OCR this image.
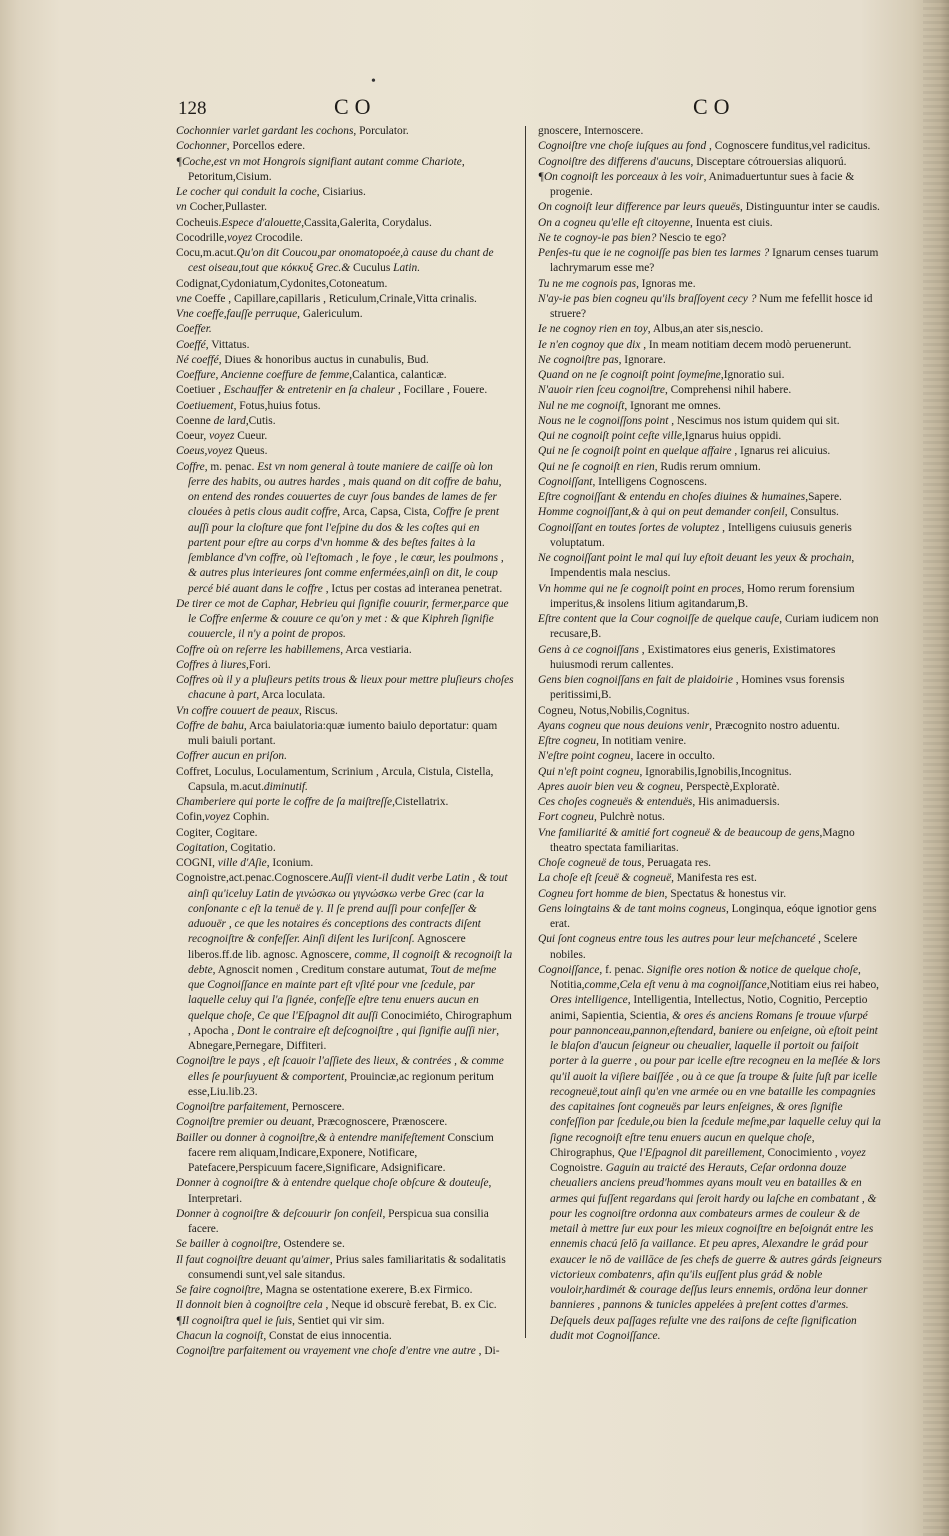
•
128	CO	CO

Cochonnier varlet gardant les cochons, Porculator.

Cochonner, Porcellos edere.

¶Coche,est vn mot Hongrois signifiant autant comme Chariote, Petoritum,Cisium.

Le cocher qui conduit la coche, Cisiarius.

vn Cocher,Pullaster.

Cocheuis.Espece d'alouette,Cassita,Galerita, Corydalus.

Cocodrille,voyez Crocodile.

Cocu,m.acut.Qu'on dit Coucou,par onomatopoée,à cause du chant de cest oiseau,tout que κόκκυξ Grec.& Cuculus Latin.

Codignat,Cydoniatum,Cydonites,Cotoneatum.

vne Coeffe , Capillare,capillaris , Reticulum,Crinale,Vitta crinalis.

Vne coeffe,fauſſe perruque, Galericulum.

Coeffer.

Coeffé, Vittatus.

Né coeffé, Diues & honoribus auctus in cunabulis, Bud.

Coeffure, Ancienne coeffure de femme,Calantica, calanticæ.

Coetiuer , Eschauffer & entretenir en ſa chaleur , Focillare , Fouere.

Coetiuement, Fotus,huius fotus.

Coenne de lard,Cutis.

Coeur, voyez Cueur.

Coeus,voyez Queus.

Coffre, m. penac. Est vn nom general à toute maniere de caiſſe où lon ſerre des habits, ou autres hardes , mais quand on dit coffre de bahu, on entend des rondes couuertes de cuyr ſous bandes de lames de fer clouées à petis clous audit coffre, Arca, Capsa, Cista, Coffre ſe prent auſſi pour la cloſture que font l'eſpine du dos & les coſtes qui en partent pour eſtre au corps d'vn homme & des beſtes faites à la ſemblance d'vn coffre, où l'eſtomach , le foye , le cœur, les poulmons , & autres plus interieures ſont comme enfermées,ainſi on dit, le coup percé bié auant dans le coffre , Ictus per costas ad interanea penetrat.

De tirer ce mot de Caphar, Hebrieu qui ſignifie couurir, fermer,parce que le Coffre enſerme & couure ce qu'on y met : & que Kiphreh ſignifie couuercle, il n'y a point de propos.

Coffre où on reſerre les habillemens, Arca vestiaria.

Coffres à liures,Fori.

Coffres où il y a pluſieurs petits trous & lieux pour mettre pluſieurs choſes chacune à part, Arca loculata.

Vn coffre couuert de peaux, Riscus.

Coffre de bahu, Arca baiulatoria:quæ iumento baiulo deportatur: quam muli baiuli portant.

Coffrer aucun en priſon.

Coffret, Loculus, Loculamentum, Scrinium , Arcula, Cistula, Cistella, Capsula, m.acut.diminutif.

Chamberiere qui porte le coffre de ſa maiſtreſſe,Cistellatrix.

Cofin,voyez Cophin.

Cogiter, Cogitare.

Cogitation, Cogitatio.

COGNI, ville d'Aſie, Iconium.

Cognoistre,act.penac.Cognoscere.Auſſi vient-il dudit verbe Latin , & tout ainſi qu'iceluy Latin de γινώσκω ou γιγνώσκω verbe Grec (car la conſonante c eſt la tenuë de γ. Il ſe prend auſſi pour confeſſer & aduouër , ce que les notaires és conceptions des contracts diſent recognoiſtre & confeſſer. Ainſi diſent les Iuriſconſ. Agnoscere liberos.ff.de lib. agnosc. Agnoscere, comme, Il cognoiſt & recognoiſt la debte, Agnoscit nomen , Creditum constare autumat, Tout de meſme que Cognoiſſance en mainte part eſt vſité pour vne ſcedule, par laquelle celuy qui l'a ſignée, confeſſe eſtre tenu enuers aucun en quelque choſe, Ce que l'Eſpagnol dit auſſi Conocimiéto, Chirographum , Apocha , Dont le contraire eſt deſcognoiſtre , qui ſignifie auſſi nier, Abnegare,Pernegare, Diffiteri.

Cognoiſtre le pays , eſt ſcauoir l'aſſiete des lieux, & contrées , & comme elles ſe pourſuyuent & comportent, Prouinciæ,ac regionum peritum esse,Liu.lib.23.

Cognoiſtre parfaitement, Pernoscere.

Cognoiſtre premier ou deuant, Præcognoscere, Prænoscere.

Bailler ou donner à cognoiſtre,& à entendre manifeſtement Conscium facere rem aliquam,Indicare,Exponere, Notificare, Patefacere,Perspicuum facere,Significare, Adsignificare.

Donner à cognoiſtre & à entendre quelque choſe obſcure & douteuſe, Interpretari.

Donner à cognoiſtre & deſcouurir ſon conſeil, Perspicua sua consilia facere.

Se bailler à cognoiſtre, Ostendere se.

Il faut cognoiſtre deuant qu'aimer, Prius sales familiaritatis & sodalitatis consumendi sunt,vel sale sitandus.

Se faire cognoiſtre, Magna se ostentatione exerere, B.ex Firmico.

Il donnoit bien à cognoiſtre cela , Neque id obscurè ferebat, B. ex Cic.

¶Il cognoiſtra quel ie ſuis, Sentiet qui vir sim.

Chacun la cognoiſt, Constat de eius innocentia.

Cognoiſtre parfaitement ou vrayement vne choſe d'entre vne autre , Di-

gnoscere, Internoscere.

Cognoiſtre vne choſe iuſques au fond , Cognoscere funditus,vel radicitus.

Cognoiſtre des differens d'aucuns, Disceptare cótrouersias aliquorú.

¶On cognoiſt les porceaux à les voir, Animaduertuntur sues à facie & progenie.

On cognoiſt leur difference par leurs queuës, Distinguuntur inter se caudis.

On a cogneu qu'elle eſt citoyenne, Inuenta est ciuis.

Ne te cognoy-ie pas bien? Nescio te ego?

Penſes-tu que ie ne cognoiſſe pas bien tes larmes ? Ignarum censes tuarum lachrymarum esse me?

Tu ne me cognois pas, Ignoras me.

N'ay-ie pas bien cogneu qu'ils braſſoyent cecy ? Num me fefellit hosce id struere?

Ie ne cognoy rien en toy, Albus,an ater sis,nescio.

Ie n'en cognoy que dix , In meam notitiam decem modò peruenerunt.

Ne cognoiſtre pas, Ignorare.

Quand on ne ſe cognoiſt point ſoymeſme,Ignoratio sui.

N'auoir rien ſceu cognoiſtre, Comprehensi nihil habere.

Nul ne me cognoiſt, Ignorant me omnes.

Nous ne le cognoiſſons point , Nescimus nos istum quidem qui sit.

Qui ne cognoiſt point ceſte ville,Ignarus huius oppidi.

Qui ne ſe cognoiſt point en quelque affaire , Ignarus rei alicuius.

Qui ne ſe cognoiſt en rien, Rudis rerum omnium.

Cognoiſſant, Intelligens Cognoscens.

Eſtre cognoiſſant & entendu en choſes diuines & humaines,Sapere.

Homme cognoiſſant,& à qui on peut demander conſeil, Consultus.

Cognoiſſant en toutes ſortes de voluptez , Intelligens cuiusuis generis voluptatum.

Ne cognoiſſant point le mal qui luy eſtoit deuant les yeux & prochain, Impendentis mala nescius.

Vn homme qui ne ſe cognoiſt point en proces, Homo rerum forensium imperitus,& insolens litium agitandarum,B.

Eſtre content que la Cour cognoiſſe de quelque cauſe, Curiam iudicem non recusare,B.

Gens à ce cognoiſſans , Existimatores eius generis, Existimatores huiusmodi rerum callentes.

Gens bien cognoiſſans en fait de plaidoirie , Homines vsus forensis peritissimi,B.

Cogneu, Notus,Nobilis,Cognitus.

Ayans cogneu que nous deuions venir, Præcognito nostro aduentu.

Eſtre cogneu, In notitiam venire.

N'eſtre point cogneu, Iacere in occulto.

Qui n'eſt point cogneu, Ignorabilis,Ignobilis,Incognitus.

Apres auoir bien veu & cogneu, Perspectè,Exploratè.

Ces choſes cogneuës & entenduës, His animaduersis.

Fort cogneu, Pulchrè notus.

Vne familiarité & amitié fort cogneuë & de beaucoup de gens,Magno theatro spectata familiaritas.

Choſe cogneuë de tous, Peruagata res.

La choſe eſt ſceuë & cogneuë, Manifesta res est.

Cogneu fort homme de bien, Spectatus & honestus vir.

Gens loingtains & de tant moins cogneus, Longinqua, eóque ignotior gens erat.

Qui ſont cogneus entre tous les autres pour leur meſchanceté , Scelere nobiles.

Cognoiſſance, f. penac. Signifie ores notion & notice de quelque choſe, Notitia,comme,Cela eſt venu à ma cognoiſſance,Notitiam eius rei habeo, Ores intelligence, Intelligentia, Intellectus, Notio, Cognitio, Perceptio animi, Sapientia, Scientia, & ores és anciens Romans ſe trouue vſurpé pour pannonceau,pannon,eſtendard, baniere ou enſeigne, où eſtoit peint le blaſon d'aucun ſeigneur ou cheualier, laquelle il portoit ou faiſoit porter à la guerre , ou pour par icelle eſtre recogneu en la meſlée & lors qu'il auoit la viſiere baiſſée , ou à ce que ſa troupe & ſuite ſuſt par icelle recogneuë,tout ainſi qu'en vne armée ou en vne bataille les compagnies des capitaines ſont cogneuës par leurs enſeignes, & ores ſignifie confeſſion par ſcedule,ou bien la ſcedule meſme,par laquelle celuy qui la ſigne recognoiſt eſtre tenu enuers aucun en quelque choſe, Chirographus, Que l'Eſpagnol dit pareillement, Conocimiento , voyez Cognoistre. Gaguin au traicté des Herauts, Ceſar ordonna douze cheualiers anciens preud'hommes ayans moult veu en batailles & en armes qui fuſſent regardans qui ſeroit hardy ou laſche en combatant , & pour les cognoiſtre ordonna aux combateurs armes de couleur & de metail à mettre ſur eux pour les mieux cognoiſtre en beſoignát entre les ennemis chacú ſelō ſa vaillance. Et peu apres, Alexandre le grád pour exaucer le nō de vaillāce de ſes chefs de guerre & autres gárds ſeigneurs victorieux combatenrs, afin qu'ils euſſent plus grád & noble vouloir,hardimét & courage deſſus leurs ennemis, ordōna leur donner bannieres , pannons & tunicles appelées à preſent cottes d'armes. Deſquels deux paſſages reſulte vne des raiſons de ceſte ſignification dudit mot Cognoiſſance.
